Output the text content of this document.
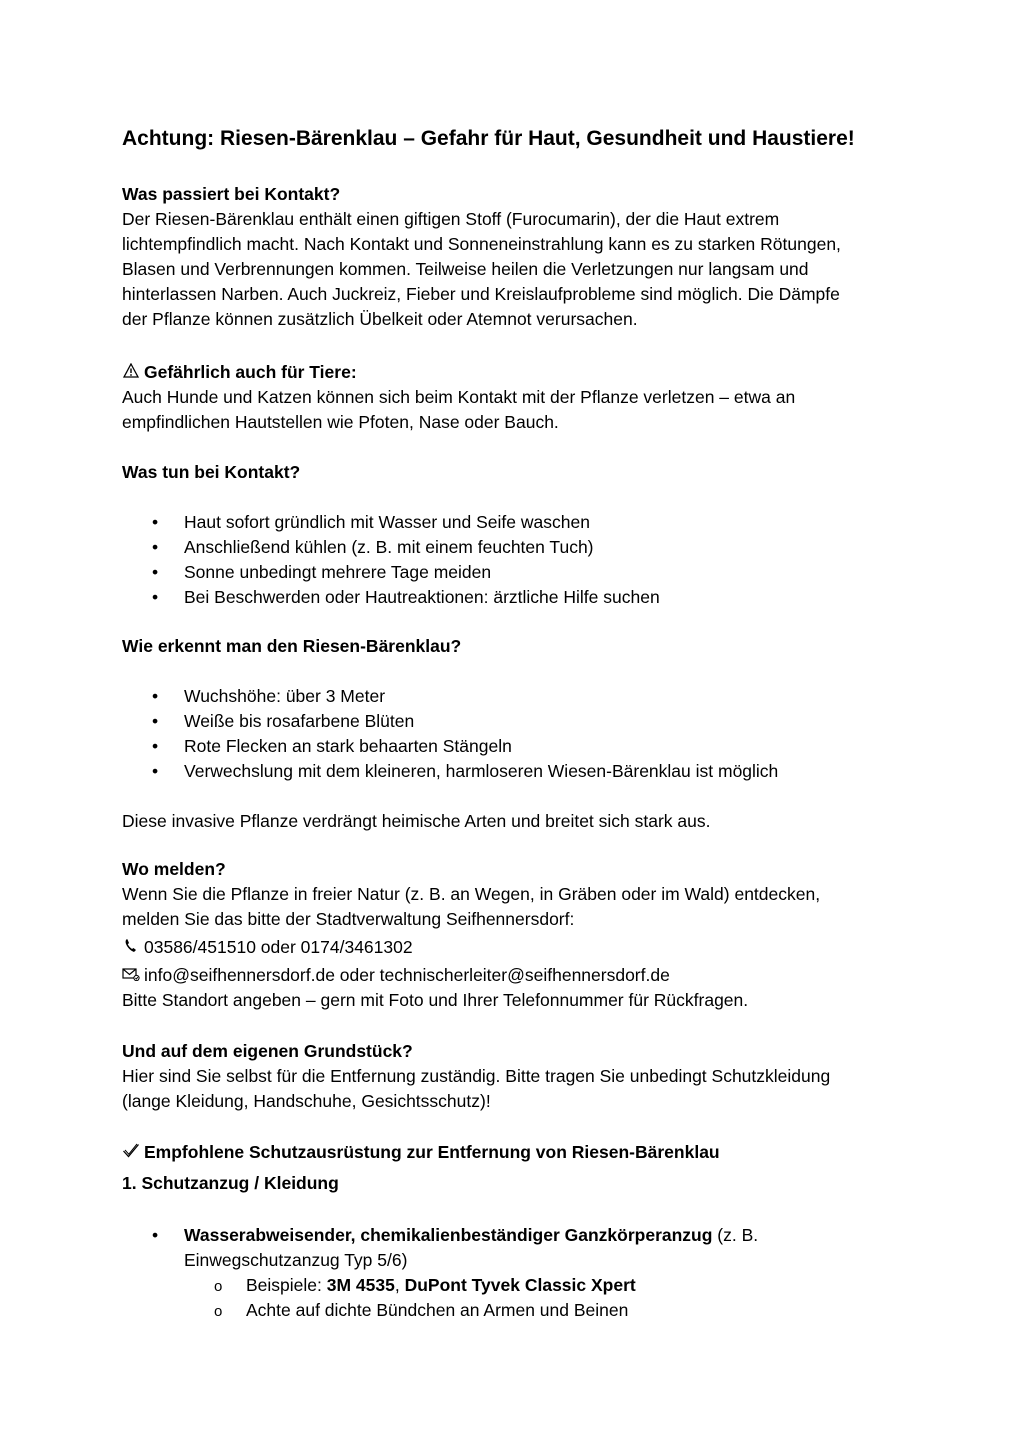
Achtung: Riesen-Bärenklau – Gefahr für Haut, Gesundheit und Haustiere!
Was passiert bei Kontakt?
Der Riesen-Bärenklau enthält einen giftigen Stoff (Furocumarin), der die Haut extrem
lichtempfindlich macht. Nach Kontakt und Sonneneinstrahlung kann es zu starken Rötungen,
Blasen und Verbrennungen kommen. Teilweise heilen die Verletzungen nur langsam und
hinterlassen Narben. Auch Juckreiz, Fieber und Kreislaufprobleme sind möglich. Die Dämpfe
der Pflanze können zusätzlich Übelkeit oder Atemnot verursachen.
Gefährlich auch für Tiere:
Auch Hunde und Katzen können sich beim Kontakt mit der Pflanze verletzen – etwa an
empfindlichen Hautstellen wie Pfoten, Nase oder Bauch.
Was tun bei Kontakt?
• Haut sofort gründlich mit Wasser und Seife waschen
• Anschließend kühlen (z. B. mit einem feuchten Tuch)
• Sonne unbedingt mehrere Tage meiden
• Bei Beschwerden oder Hautreaktionen: ärztliche Hilfe suchen
Wie erkennt man den Riesen-Bärenklau?
• Wuchshöhe: über 3 Meter
• Weiße bis rosafarbene Blüten
• Rote Flecken an stark behaarten Stängeln
• Verwechslung mit dem kleineren, harmloseren Wiesen-Bärenklau ist möglich
Diese invasive Pflanze verdrängt heimische Arten und breitet sich stark aus.
Wo melden?
Wenn Sie die Pflanze in freier Natur (z. B. an Wegen, in Gräben oder im Wald) entdecken,
melden Sie das bitte der Stadtverwaltung Seifhennersdorf:
03586/451510 oder 0174/3461302
info@seifhennersdorf.de oder technischerleiter@seifhennersdorf.de
Bitte Standort angeben – gern mit Foto und Ihrer Telefonnummer für Rückfragen.
Und auf dem eigenen Grundstück?
Hier sind Sie selbst für die Entfernung zuständig. Bitte tragen Sie unbedingt Schutzkleidung
(lange Kleidung, Handschuhe, Gesichtsschutz)!
Empfohlene Schutzausrüstung zur Entfernung von Riesen-Bärenklau
1. Schutzanzug / Kleidung
• Wasserabweisender, chemikalienbeständiger Ganzkörperanzug (z. B.
Einwegschutzanzug Typ 5/6)
o Beispiele: 3M 4535, DuPont Tyvek Classic Xpert
o Achte auf dichte Bündchen an Armen und Beinen
